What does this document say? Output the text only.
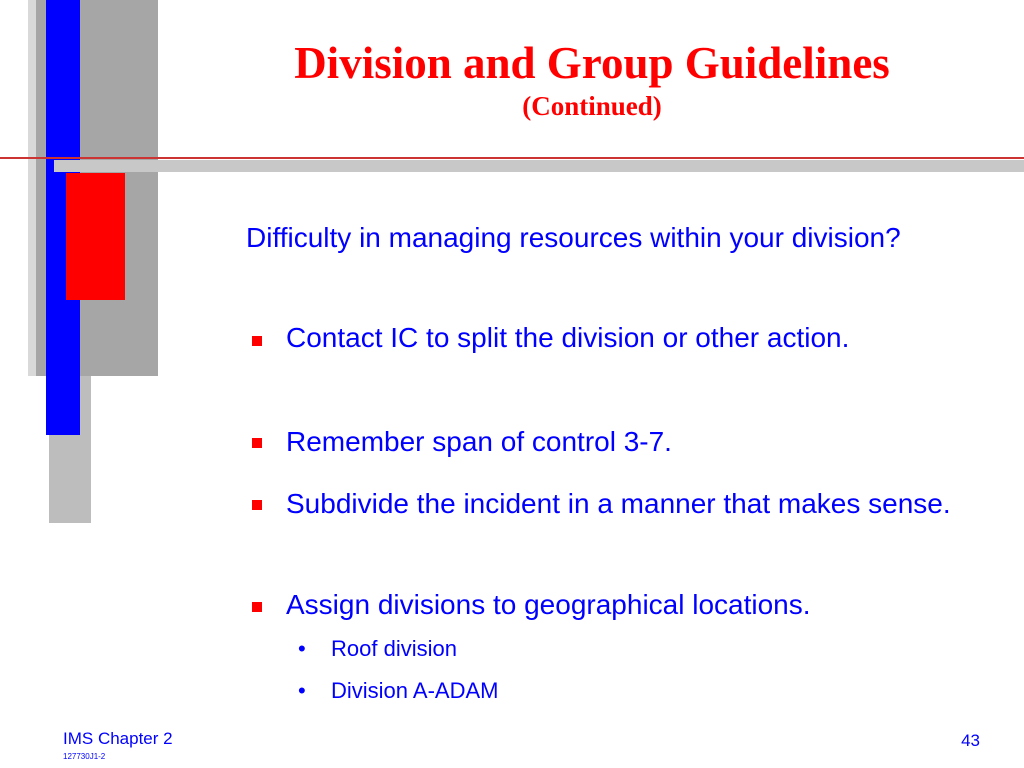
Division and Group Guidelines
(Continued)

Difficulty in managing resources within your division?

Contact IC to split the division or other action.

Remember span of control 3-7.

Subdivide the incident in a manner that makes sense.

Assign divisions to geographical locations.

• Roof division
• Division A-ADAM
IMS Chapter 2
127730J1-2
43
